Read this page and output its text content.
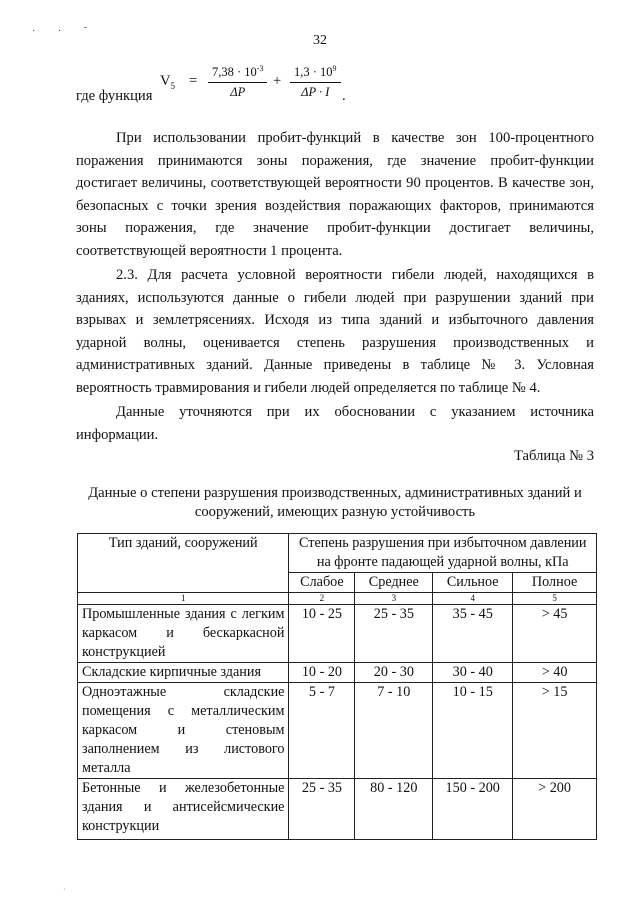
· · ˜
32
$V_5 = \frac{7,38 \cdot 10^{-3}}{\Delta P} + \frac{1,3 \cdot 10^9}{\Delta P \cdot I}$ .
где функция

При использовании пробит-функций в качестве зон 100-процентного поражения принимаются зоны поражения, где значение пробит-функции достигает величины, соответствующей вероятности 90 процентов. В качестве зон, безопасных с точки зрения воздействия поражающих факторов, принимаются зоны поражения, где значение пробит-функции достигает величины, соответствующей вероятности 1 процента.

2.3. Для расчета условной вероятности гибели людей, находящихся в зданиях, используются данные о гибели людей при разрушении зданий при взрывах и землетрясениях. Исходя из типа зданий и избыточного давления ударной волны, оценивается степень разрушения производственных и административных зданий. Данные приведены в таблице № 3. Условная вероятность травмирования и гибели людей определяется по таблице № 4.

Данные уточняются при их обосновании с указанием источника информации.

Таблица № 3
Данные о степени разрушения производственных, административных зданий и сооружений, имеющих разную устойчивость
Тип зданий, сооружений	Степень разрушения при избыточном давлении на фронте падающей ударной волны, кПа			
	Слабое	Среднее	Сильное	Полное
1	2	3	4	5
Промышленные здания с легким каркасом и бескаркасной конструкцией	10 - 25	25 - 35	35 - 45	> 45
Складские кирпичные здания	10 - 20	20 - 30	30 - 40	> 40
Одноэтажные складские помещения с металлическим каркасом и стеновым заполнением из листового металла	5 - 7	7 - 10	10 - 15	> 15
Бетонные и железобетонные здания и антисейсмические конструкции	25 - 35	80 - 120	150 - 200	> 200
·
